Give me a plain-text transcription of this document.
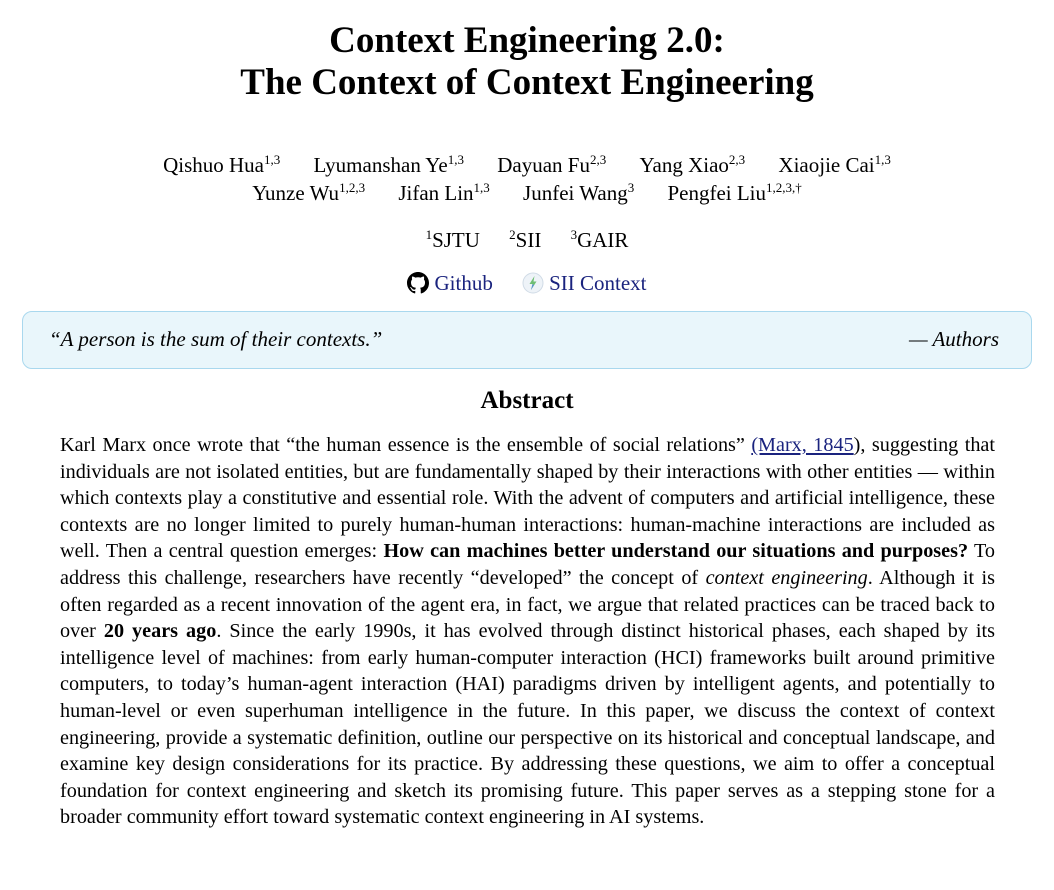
Context Engineering 2.0:
The Context of Context Engineering
Qishuo Hua$^{1,3}$ Lyumanshan Ye$^{1,3}$ Dayuan Fu$^{2,3}$ Yang Xiao$^{2,3}$ Xiaojie Cai$^{1,3}$
Yunze Wu$^{1,2,3}$ Jifan Lin$^{1,3}$ Junfei Wang$^3$ Pengfei Liu$^{1,2,3,\dagger}$
$^1$SJTU $^2$SII $^3$GAIR
Github
	SII Context
“A person is the sum of their contexts.”	— Authors
Abstract
Karl Marx once wrote that “the human essence is the ensemble of social relations” (Marx, 1845), suggesting that individuals are not isolated entities, but are fundamentally shaped by their interactions with other entities — within which contexts play a constitutive and essential role. With the advent of computers and artificial intelligence, these contexts are no longer limited to purely human-human interactions: human-machine interactions are included as well. Then a central question emerges: How can machines better understand our situations and purposes? To address this challenge, researchers have recently “developed” the concept of context engineering. Although it is often regarded as a recent innovation of the agent era, in fact, we argue that related practices can be traced back to over 20 years ago. Since the early 1990s, it has evolved through distinct historical phases, each shaped by its intelligence level of machines: from early human-computer interaction (HCI) frameworks built around primitive computers, to today’s human-agent interaction (HAI) paradigms driven by intelligent agents, and potentially to human-level or even superhuman intelligence in the future. In this paper, we discuss the context of context engineering, provide a systematic definition, outline our perspective on its historical and conceptual landscape, and examine key design considerations for its practice. By addressing these questions, we aim to offer a conceptual foundation for context engineering and sketch its promising future. This paper serves as a stepping stone for a broader community effort toward systematic context engineering in AI systems.
